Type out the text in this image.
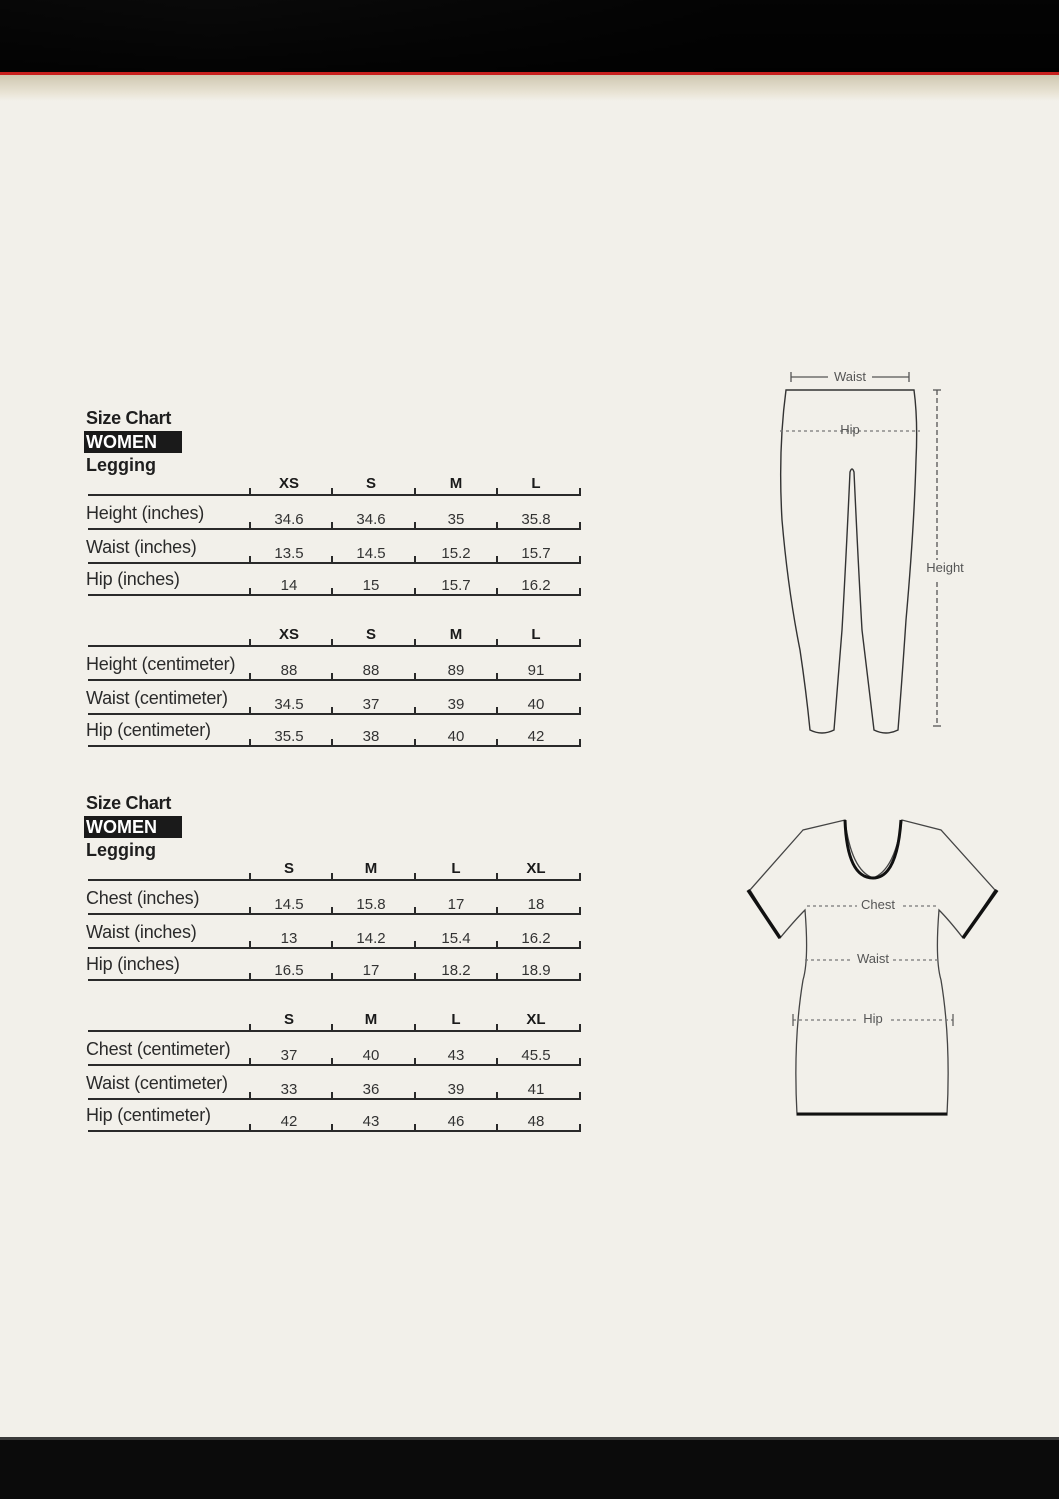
Size Chart
WOMEN
Legging
XS	S	M	L
Height (inches)	34.6	34.6	35	35.8
Waist (inches)	13.5	14.5	15.2	15.7
Hip (inches)	14	15	15.7	16.2
XS	S	M	L
Height (centimeter)	88	88	89	91
Waist (centimeter)	34.5	37	39	40
Hip (centimeter)	35.5	38	40	42
Size Chart
WOMEN
Legging
S	M	L	XL
Chest (inches)	14.5	15.8	17	18
Waist (inches)	13	14.2	15.4	16.2
Hip (inches)	16.5	17	18.2	18.9
S	M	L	XL
Chest (centimeter)	37	40	43	45.5
Waist (centimeter)	33	36	39	41
Hip (centimeter)	42	43	46	48
Waist
Hip
Height
Chest
Waist
Hip
